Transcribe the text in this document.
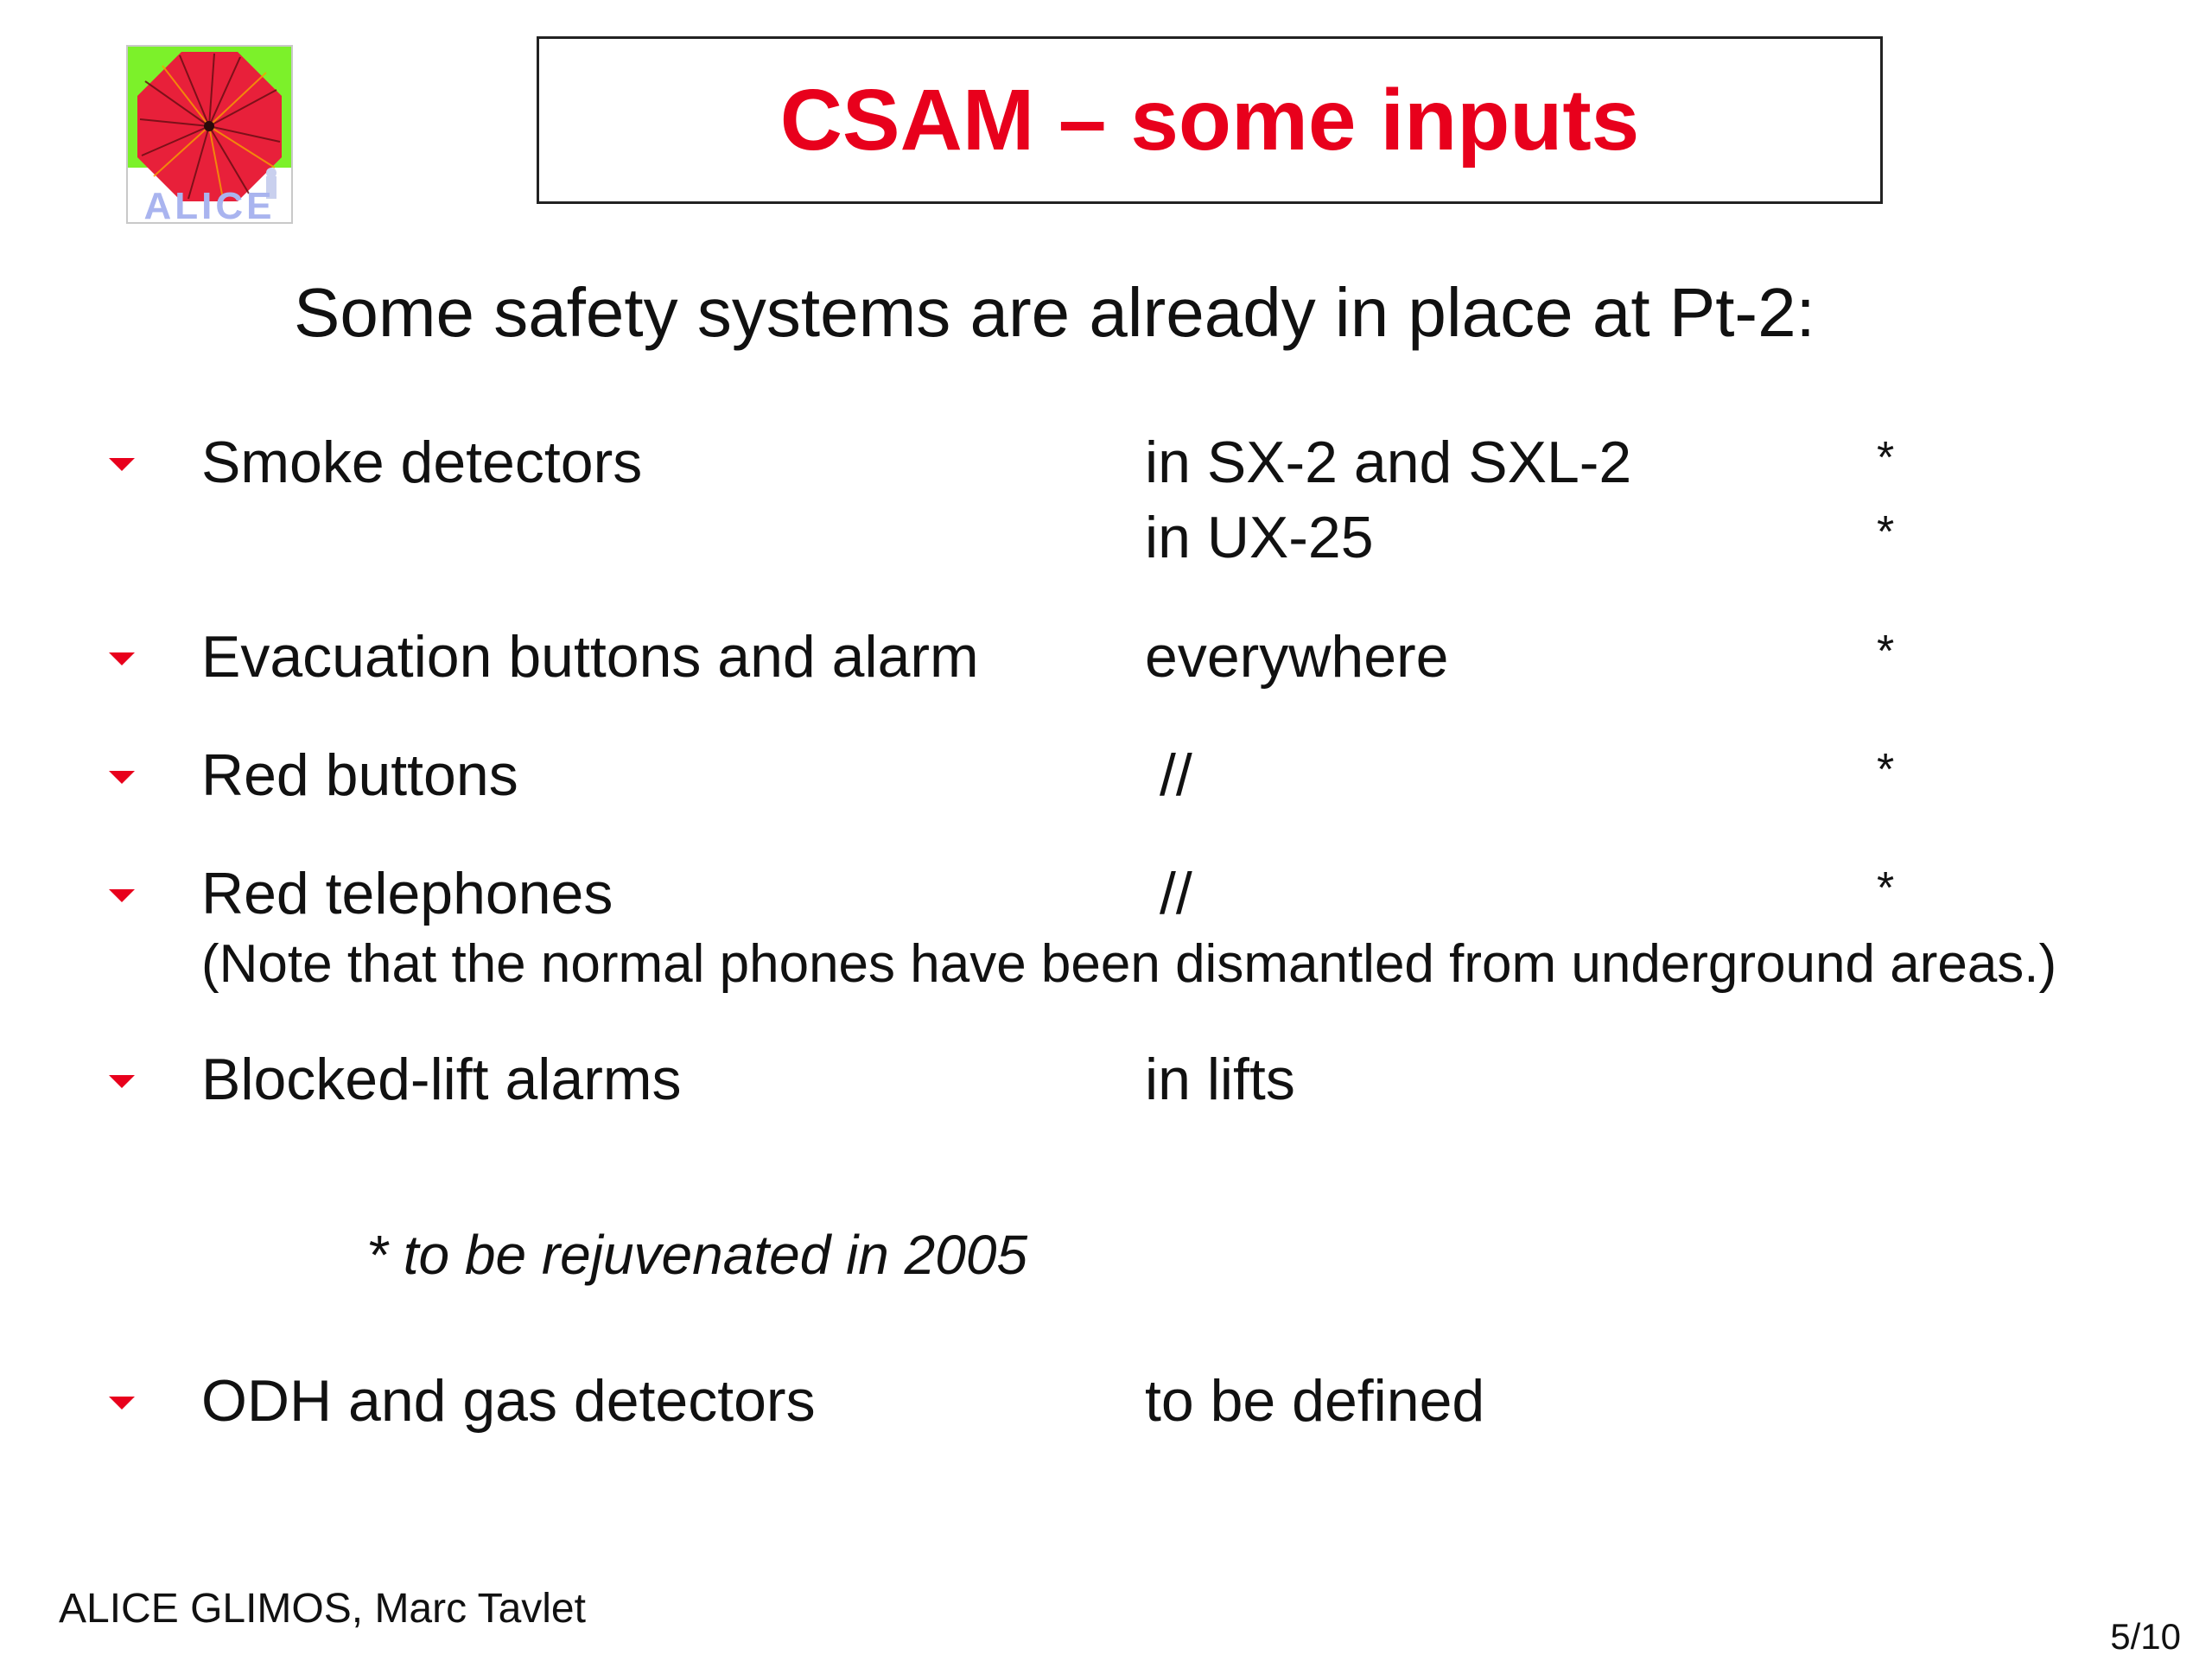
ALICE
CSAM – some inputs
Some safety systems are already in place at Pt-2:
Smoke detectors	in SX-2 and SXL-2	*
in UX-25	*
Evacuation buttons and alarm	everywhere	*
Red buttons	//	*
Red telephones	//	*
(Note that the normal phones have been dismantled from underground areas.)
Blocked-lift alarms	in lifts
* to be rejuvenated in 2005
ODH and gas detectors	to be defined
ALICE GLIMOS, Marc Tavlet
5/10
